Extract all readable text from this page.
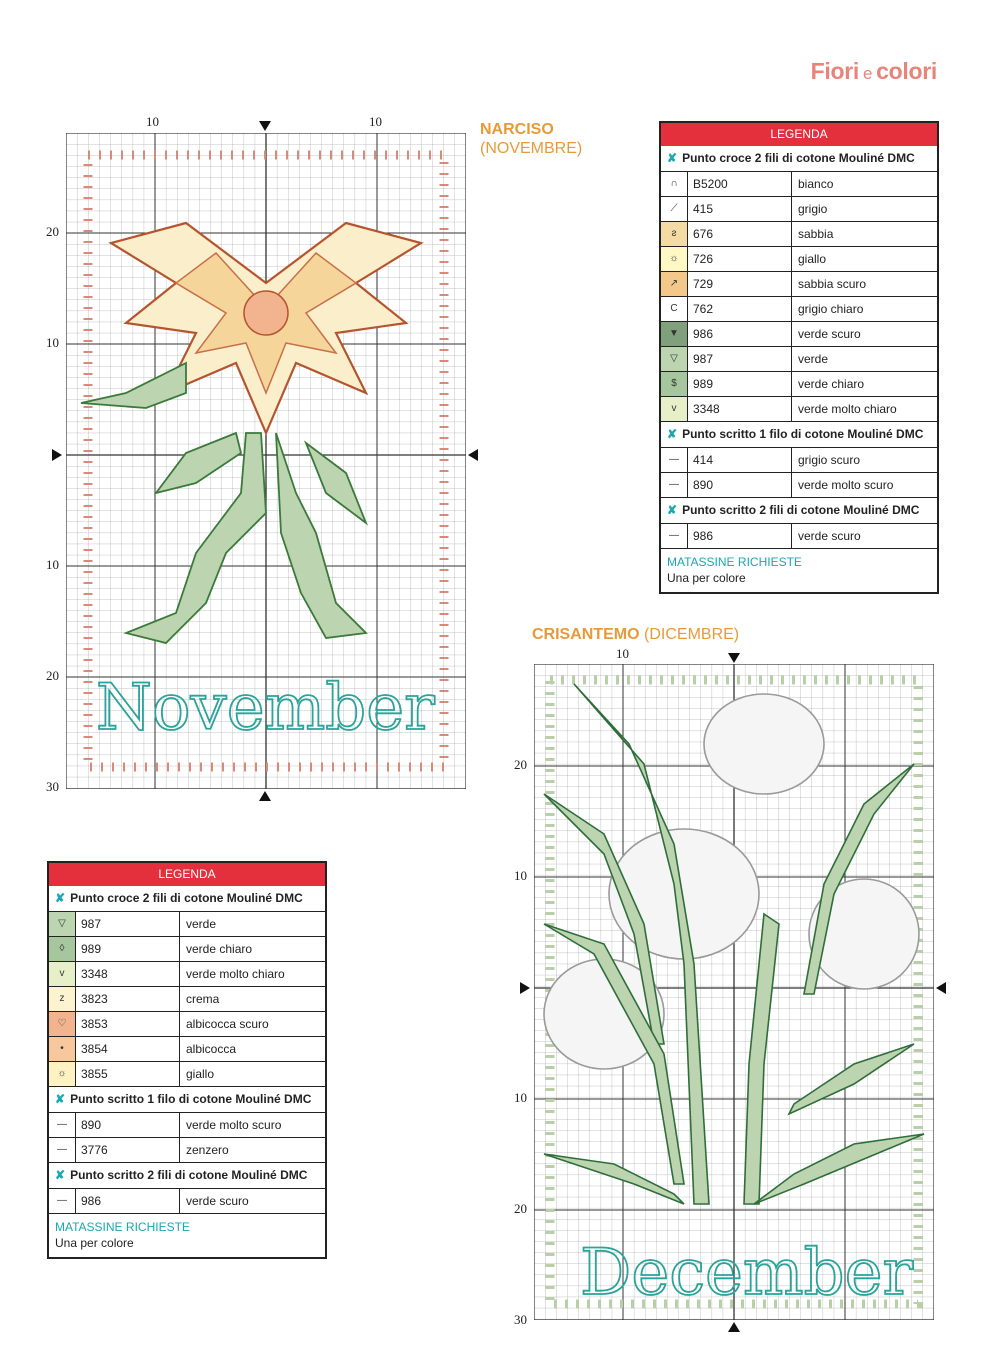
Fiori e colori
NARCISO
(NOVEMBRE)
November
10	10
20
10
10
20
30
LEGENDA
✘ Punto croce 2 fili di cotone Mouliné DMC
∩	B5200	bianco
⟋	415	grigio
ƨ	676	sabbia
☼	726	giallo
↗	729	sabbia scuro
C	762	grigio chiaro
▼	986	verde scuro
▽	987	verde
$	989	verde chiaro
v	3348	verde molto chiaro
✘ Punto scritto 1 filo di cotone Mouliné DMC
—	414	grigio scuro
—	890	verde molto scuro
✘ Punto scritto 2 fili di cotone Mouliné DMC
—	986	verde scuro
MATASSINE RICHIESTE
Una per colore
CRISANTEMO (DICEMBRE)
December
10
20
10
10
20
30
LEGENDA
✘ Punto croce 2 fili di cotone Mouliné DMC
▽	987	verde
◊	989	verde chiaro
v	3348	verde molto chiaro
z	3823	crema
♡	3853	albicocca scuro
•	3854	albicocca
☼	3855	giallo
✘ Punto scritto 1 filo di cotone Mouliné DMC
—	890	verde molto scuro
—	3776	zenzero
✘ Punto scritto 2 fili di cotone Mouliné DMC
—	986	verde scuro
MATASSINE RICHIESTE
Una per colore
